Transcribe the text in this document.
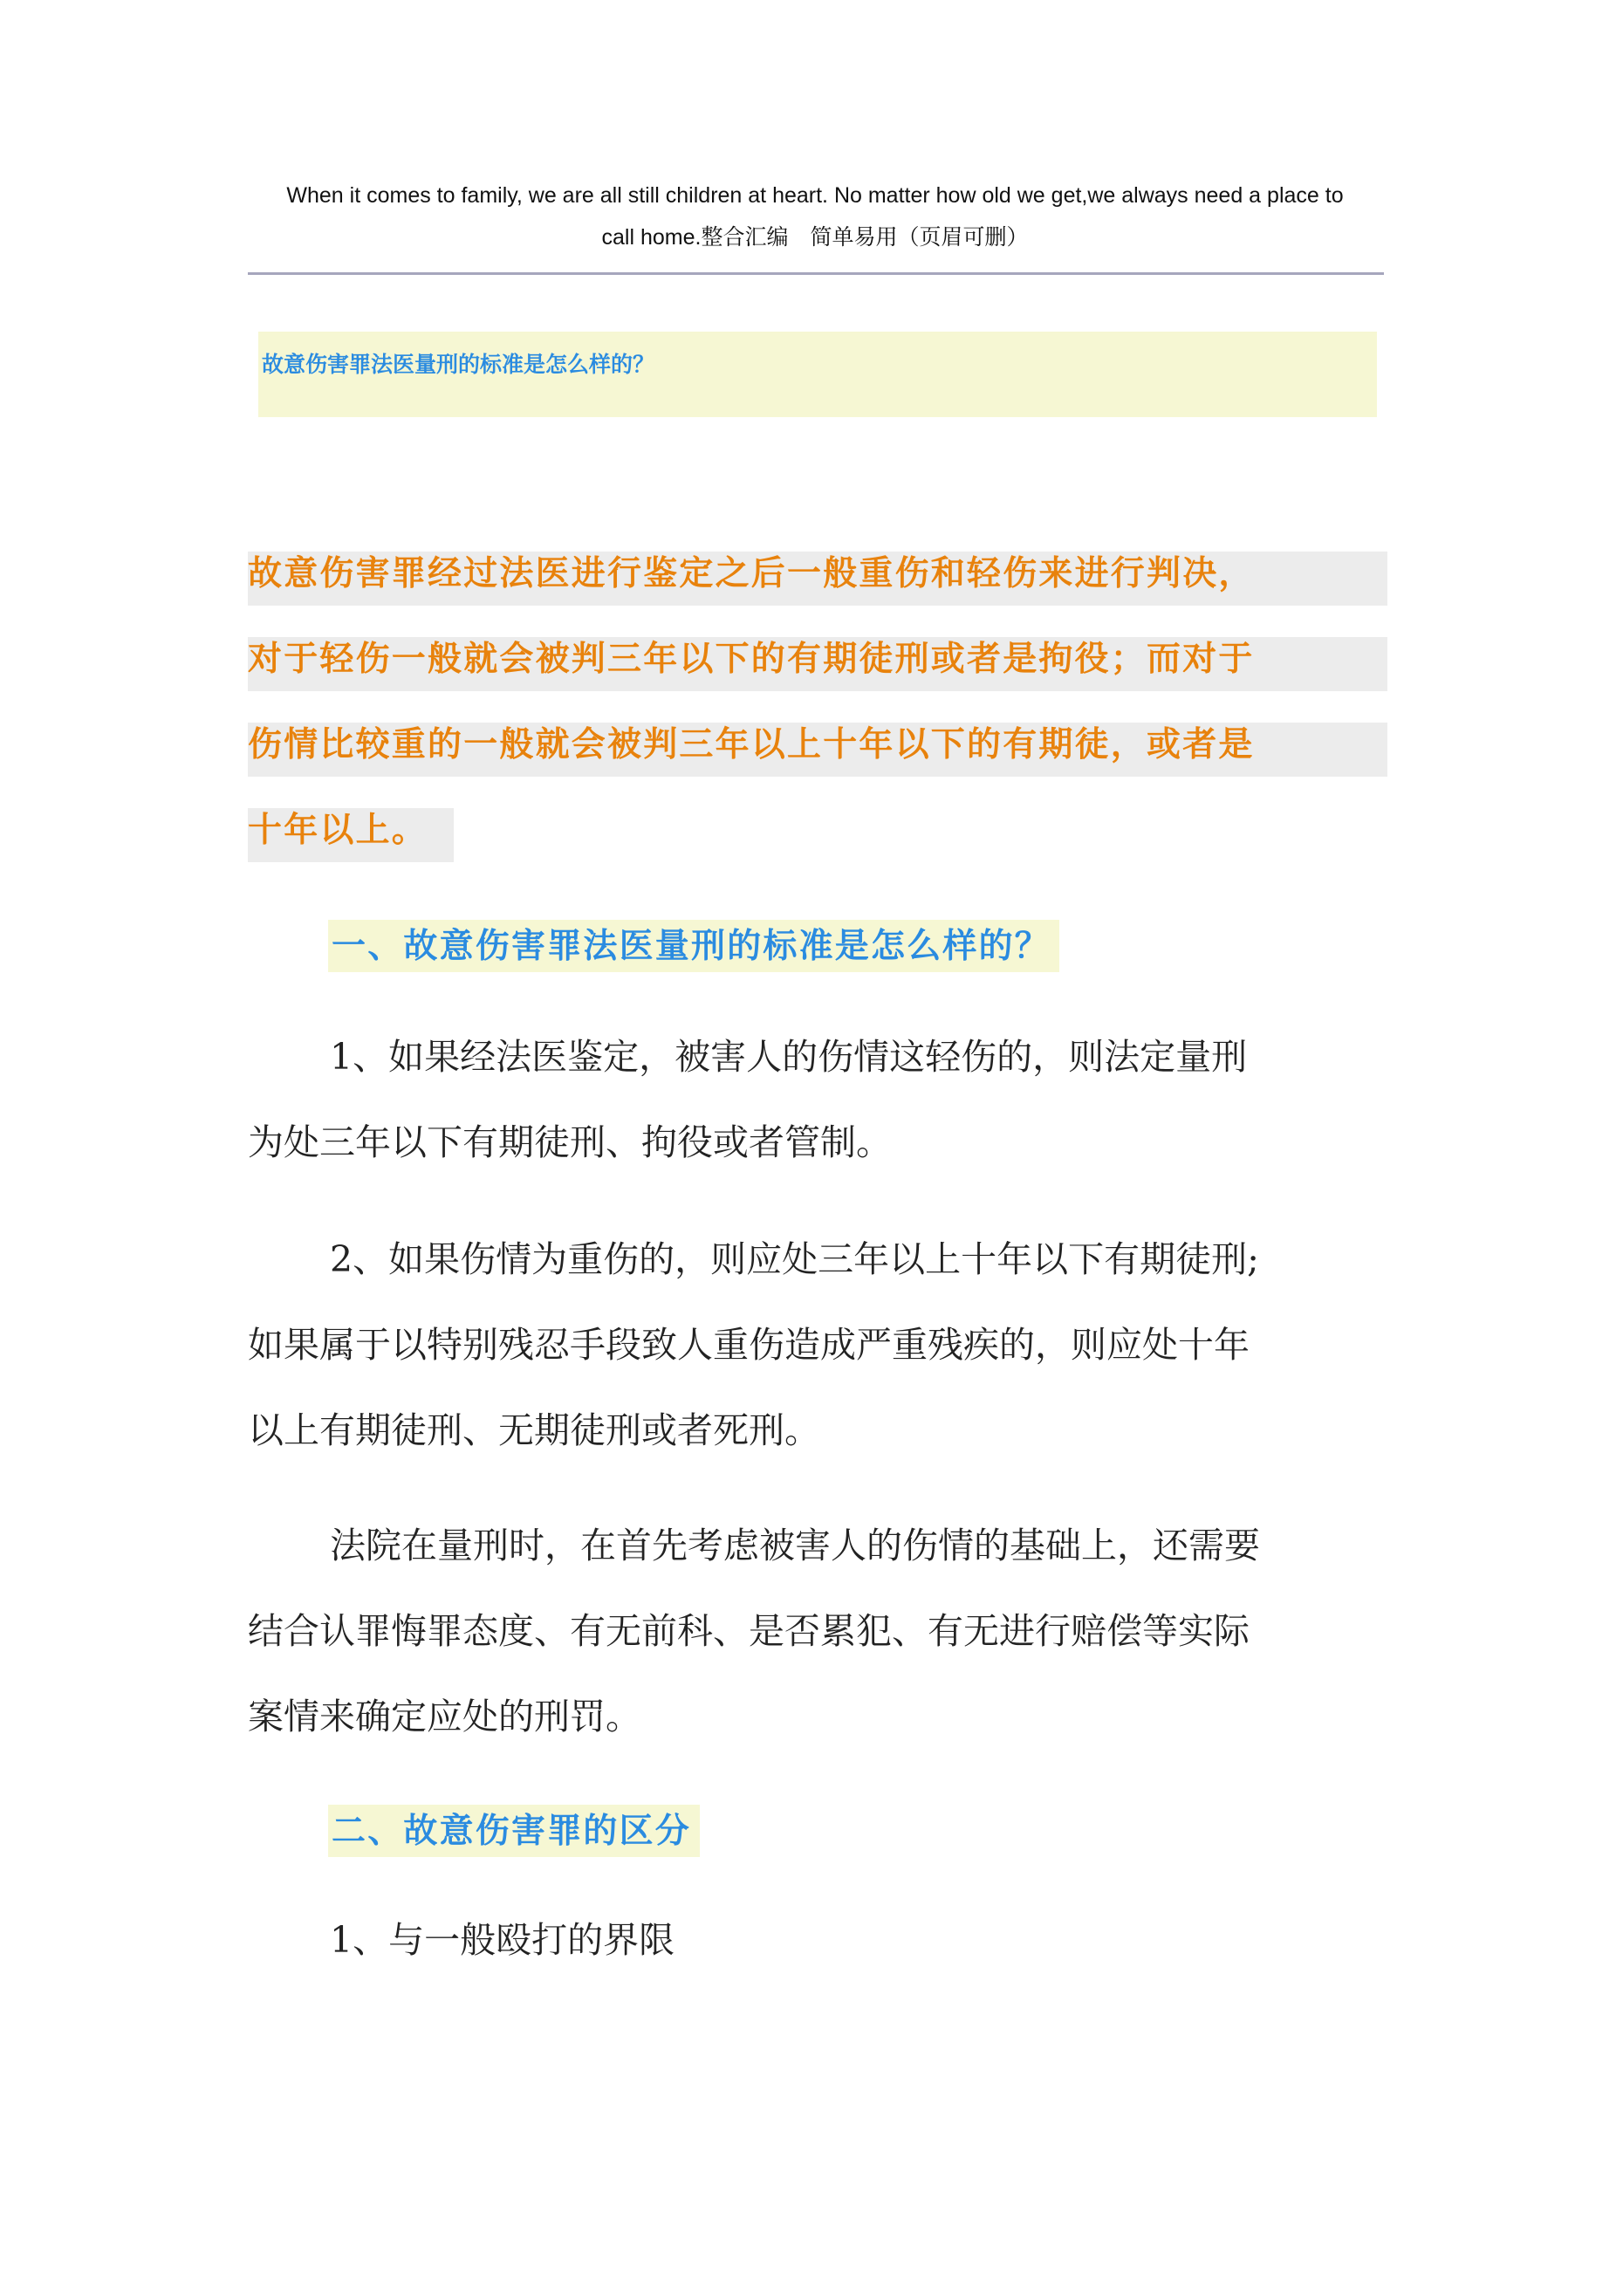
When it comes to family, we are all still children at heart. No matter how old we get,we always need a place to
call home.整合汇编　简单易用（页眉可删）
故意伤害罪法医量刑的标准是怎么样的？
故意伤害罪经过法医进行鉴定之后一般重伤和轻伤来进行判决，
对于轻伤一般就会被判三年以下的有期徒刑或者是拘役；而对于
伤情比较重的一般就会被判三年以上十年以下的有期徒，或者是
十年以上。
一、故意伤害罪法医量刑的标准是怎么样的？
1、如果经法医鉴定，被害人的伤情这轻伤的，则法定量刑
为处三年以下有期徒刑、拘役或者管制。
2、如果伤情为重伤的，则应处三年以上十年以下有期徒刑;
如果属于以特别残忍手段致人重伤造成严重残疾的，则应处十年
以上有期徒刑、无期徒刑或者死刑。
法院在量刑时，在首先考虑被害人的伤情的基础上，还需要
结合认罪悔罪态度、有无前科、是否累犯、有无进行赔偿等实际
案情来确定应处的刑罚。
二、故意伤害罪的区分
1、与一般殴打的界限
